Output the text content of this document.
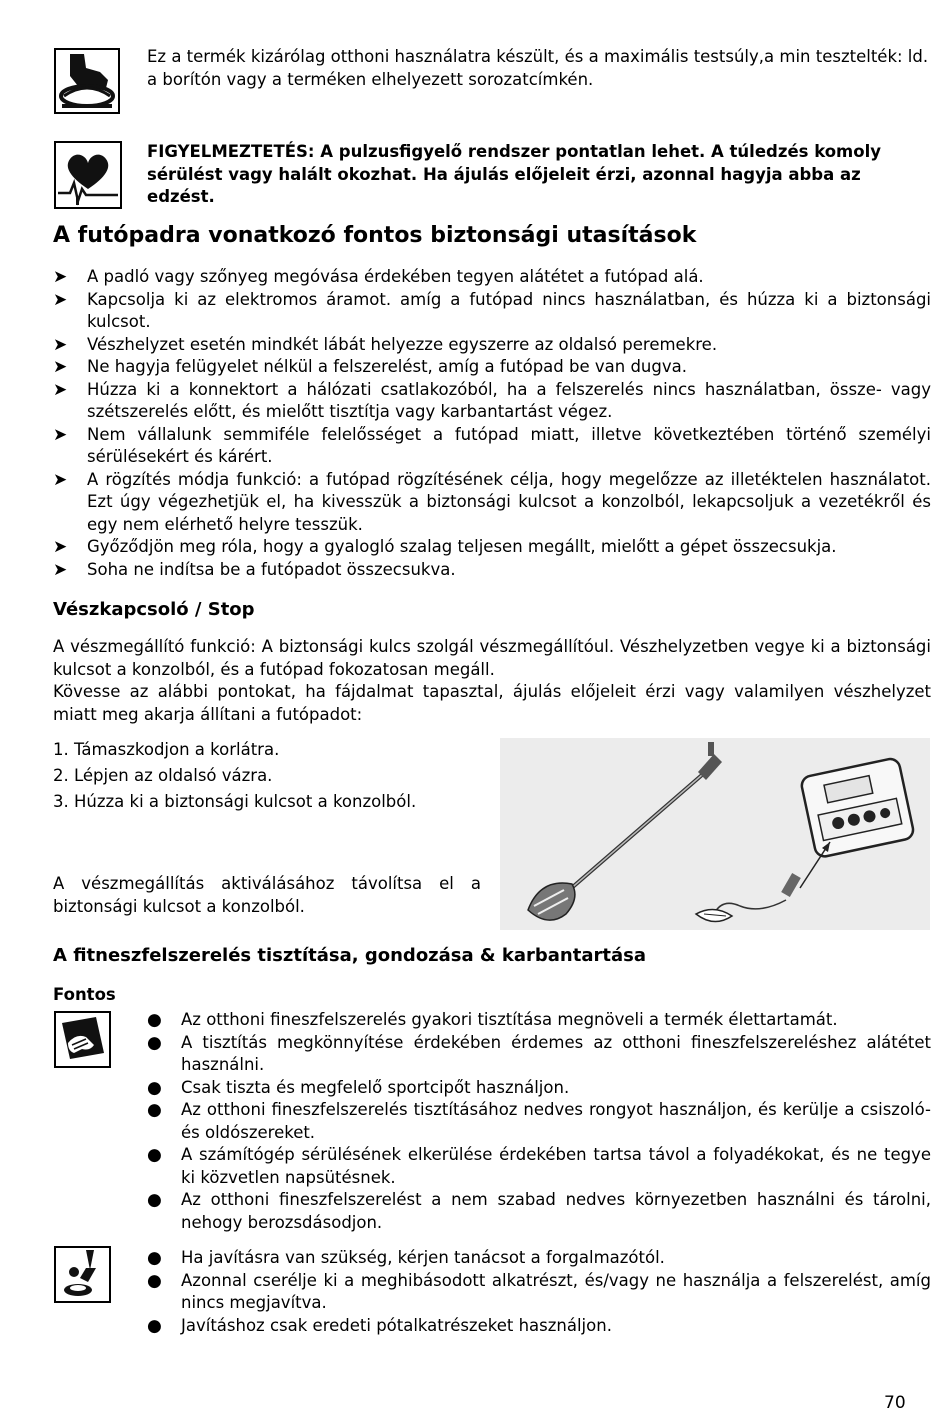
Ez a termék kizárólag otthoni használatra készült, és a maximális testsúly,a min tesztelték: ld. a borítón vagy a terméken elhelyezett sorozatcímkén.
FIGYELMEZTETÉS: A pulzusfigyelő rendszer pontatlan lehet. A túledzés komoly sérülést vagy halált okozhat. Ha ájulás előjeleit érzi, azonnal hagyja abba az edzést.
A futópadra vonatkozó fontos biztonsági utasítások
➤ A padló vagy szőnyeg megóvása érdekében tegyen alátétet a futópad alá.
➤ Kapcsolja ki az elektromos áramot. amíg a futópad nincs használatban, és húzza ki a biztonsági kulcsot.
➤ Vészhelyzet esetén mindkét lábát helyezze egyszerre az oldalsó peremekre.
➤ Ne hagyja felügyelet nélkül a felszerelést, amíg a futópad be van dugva.
➤ Húzza ki a konnektort a hálózati csatlakozóból, ha a felszerelés nincs használatban, össze- vagy szétszerelés előtt, és mielőtt tisztítja vagy karbantartást végez.
➤ Nem vállalunk semmiféle felelősséget a futópad miatt, illetve következtében történő személyi sérülésekért és kárért.
➤ A rögzítés módja funkció: a futópad rögzítésének célja, hogy megelőzze az illetéktelen használatot. Ezt úgy végezhetjük el, ha kivesszük a biztonsági kulcsot a konzolból, lekapcsoljuk a vezetékről és egy nem elérhető helyre tesszük.
➤ Győződjön meg róla, hogy a gyalogló szalag teljesen megállt, mielőtt a gépet összecsukja.
➤ Soha ne indítsa be a futópadot összecsukva.
Vészkapcsoló / Stop
A vészmegállító funkció: A biztonsági kulcs szolgál vészmegállítóul. Vészhelyzetben vegye ki a biztonsági kulcsot a konzolból, és a futópad fokozatosan megáll.
Kövesse az alábbi pontokat, ha fájdalmat tapasztal, ájulás előjeleit érzi vagy valamilyen vészhelyzet miatt meg akarja állítani a futópadot:
1. Támaszkodjon a korlátra.
2. Lépjen az oldalsó vázra.
3. Húzza ki a biztonsági kulcsot a konzolból.
A vészmegállítás aktiválásához távolítsa el a biztonsági kulcsot a konzolból.
A fitneszfelszerelés tisztítása, gondozása & karbantartása
Fontos
● Az otthoni fineszfelszerelés gyakori tisztítása megnöveli a termék élettartamát.
● A tisztítás megkönnyítése érdekében érdemes az otthoni fineszfelszereléshez alátétet használni.
● Csak tiszta és megfelelő sportcipőt használjon.
● Az otthoni fineszfelszerelés tisztításához nedves rongyot használjon, és kerülje a csiszoló- és oldószereket.
● A számítógép sérülésének elkerülése érdekében tartsa távol a folyadékokat, és ne tegye ki közvetlen napsütésnek.
● Az otthoni fineszfelszerelést a nem szabad nedves környezetben használni és tárolni, nehogy berozsdásodjon.
● Ha javításra van szükség, kérjen tanácsot a forgalmazótól.
● Azonnal cserélje ki a meghibásodott alkatrészt, és/vagy ne használja a felszerelést, amíg nincs megjavítva.
● Javításhoz csak eredeti pótalkatrészeket használjon.
70
